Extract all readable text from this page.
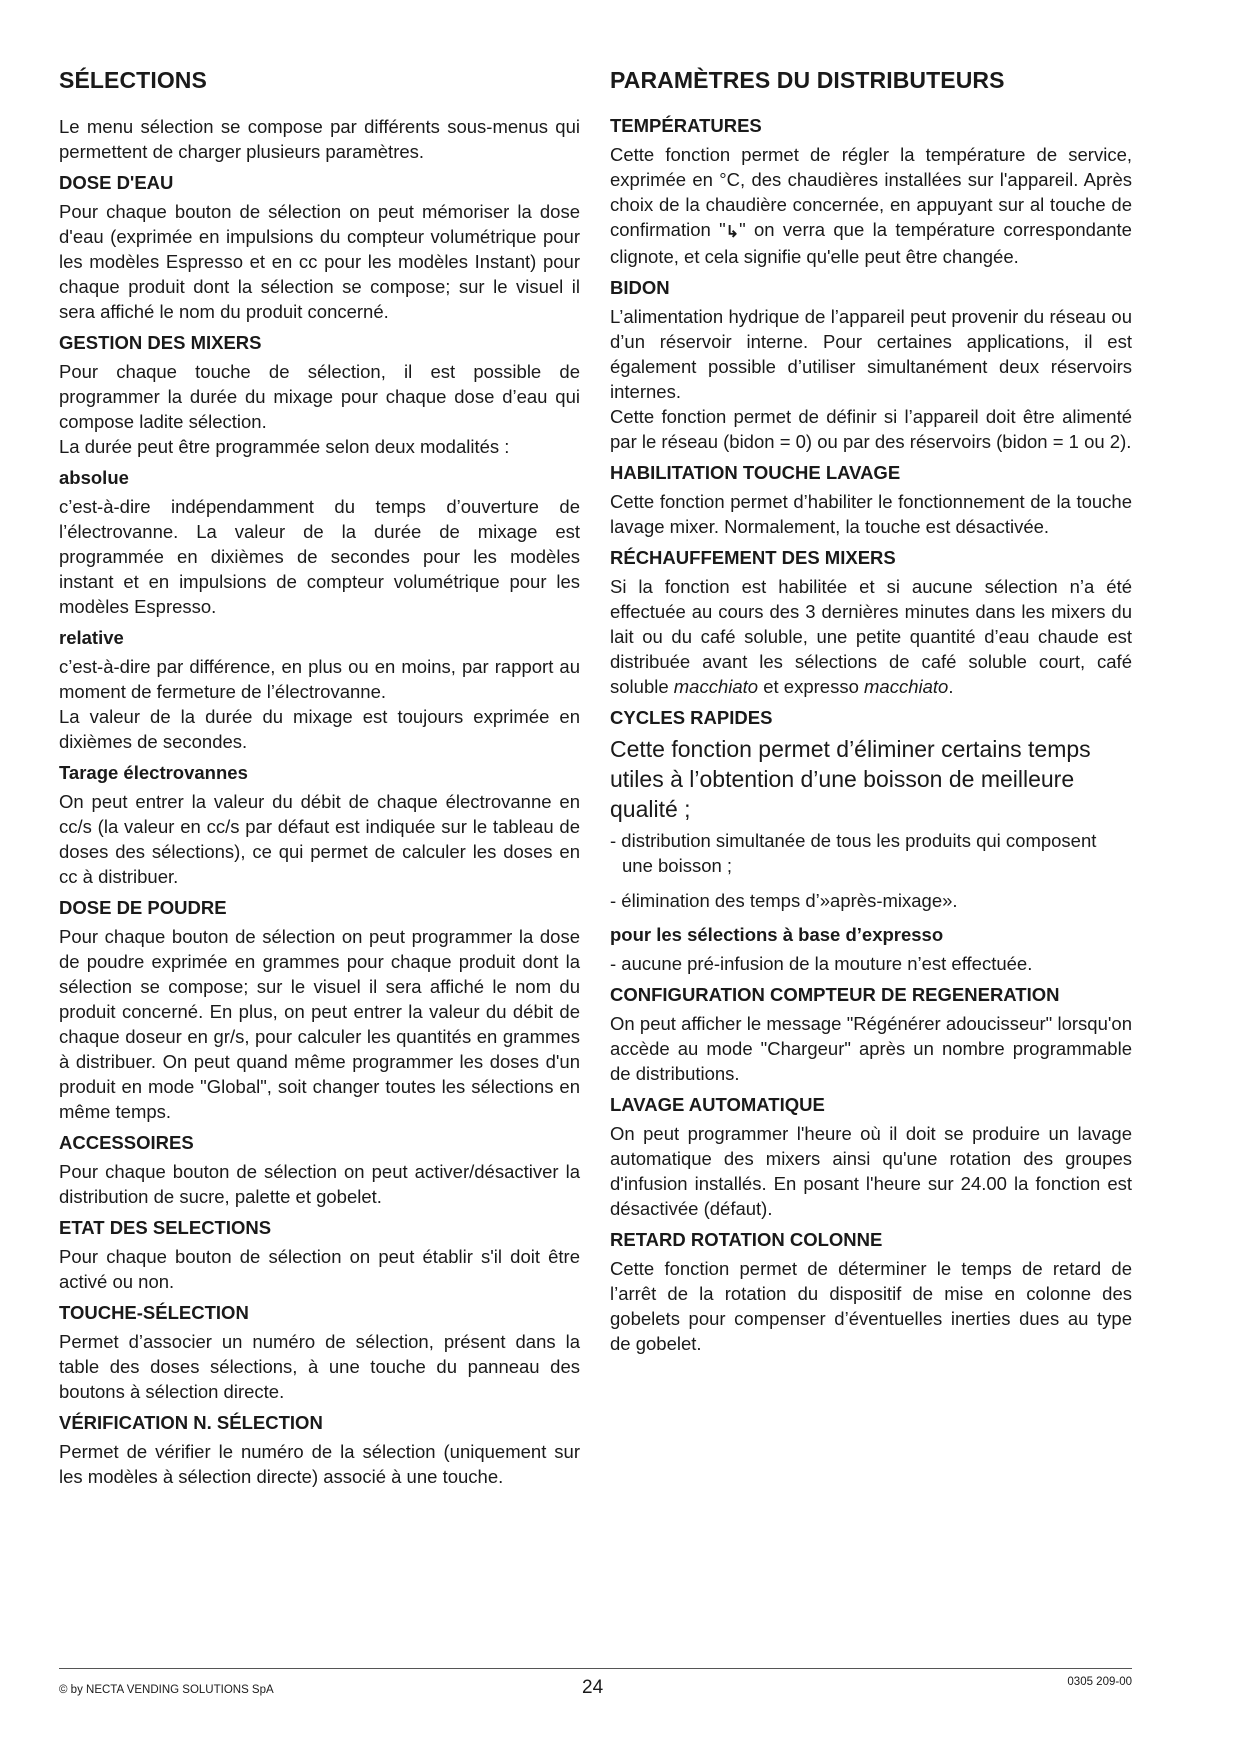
SÉLECTIONS

Le menu sélection se compose par différents sous-menus qui permettent de charger plusieurs paramètres.

DOSE D'EAU

Pour chaque bouton de sélection on peut mémoriser la dose d'eau (exprimée en impulsions du compteur volumétrique pour les modèles Espresso et en cc pour les modèles Instant) pour chaque produit dont la sélection se compose; sur le visuel il sera affiché le nom du produit concerné.

GESTION DES MIXERS

Pour chaque touche de sélection, il est possible de programmer la durée du mixage pour chaque dose d’eau qui compose ladite sélection.

La durée peut être programmée selon deux modalités :

absolue

c’est-à-dire indépendamment du temps d’ouverture de l’électrovanne. La valeur de la durée de mixage est programmée en dixièmes de secondes pour les modèles instant et en impulsions de compteur volumétrique pour les modèles Espresso.

relative

c’est-à-dire par différence, en plus ou en moins, par rapport au moment de fermeture de l’électrovanne.

La valeur de la durée du mixage est toujours exprimée en dixièmes de secondes.

Tarage électrovannes

On peut entrer la valeur du débit de chaque électrovanne en cc/s (la valeur en cc/s par défaut est indiquée sur le tableau de doses des sélections), ce qui permet de calculer les doses en cc à distribuer.

DOSE DE POUDRE

Pour chaque bouton de sélection on peut programmer la dose de poudre exprimée en grammes pour chaque produit dont la sélection se compose; sur le visuel il sera affiché le nom du produit concerné. En plus, on peut entrer la valeur du débit de chaque doseur en gr/s, pour calculer les quantités en grammes à distribuer. On peut quand même programmer les doses d'un produit en mode "Global", soit changer toutes les sélections en même temps.

ACCESSOIRES

Pour chaque bouton de sélection on peut activer/désactiver la distribution de sucre, palette et gobelet.

ETAT DES SELECTIONS

Pour chaque bouton de sélection on peut établir s'il doit être activé ou non.

TOUCHE-SÉLECTION

Permet d’associer un numéro de sélection, présent dans la table des doses sélections, à une touche du panneau des boutons à sélection directe.

VÉRIFICATION N. SÉLECTION

Permet de vérifier le numéro de la sélection (uniquement sur les modèles à sélection directe) associé à une touche.

PARAMÈTRES DU DISTRIBUTEURS
TEMPÉRATURES

Cette fonction permet de régler la température de service, exprimée en °C, des chaudières installées sur l'appareil. Après choix de la chaudière concernée, en appuyant sur al touche de confirmation "↳" on verra que la température correspondante clignote, et cela signifie qu'elle peut être changée.

BIDON

L’alimentation hydrique de l’appareil peut provenir du réseau ou d’un réservoir interne. Pour certaines applications, il est également possible d’utiliser simultanément deux réservoirs internes.

Cette fonction permet de définir si l’appareil doit être alimenté par le réseau (bidon = 0) ou par des réservoirs (bidon = 1 ou 2).

HABILITATION TOUCHE LAVAGE

Cette fonction permet d’habiliter le fonctionnement de la touche lavage mixer. Normalement, la touche est désactivée.

RÉCHAUFFEMENT DES MIXERS

Si la fonction est habilitée et si aucune sélection n’a été effectuée au cours des 3 dernières minutes dans les mixers du lait ou du café soluble, une petite quantité d’eau chaude est distribuée avant les sélections de café soluble court, café soluble macchiato et expresso macchiato.

CYCLES RAPIDES

Cette fonction permet d’éliminer certains temps utiles à l’obtention d’une boisson de meilleure qualité ;

- distribution simultanée de tous les produits qui composent une boisson ;

- élimination des temps d’»après-mixage».

pour les sélections à base d’expresso

- aucune pré-infusion de la mouture n’est effectuée.

CONFIGURATION COMPTEUR DE REGENERATION

On peut afficher le message "Régénérer adoucisseur" lorsqu'on accède au mode "Chargeur" après un nombre programmable de distributions.

LAVAGE AUTOMATIQUE

On peut programmer l'heure où il doit se produire un lavage automatique des mixers ainsi qu'une rotation des groupes d'infusion installés. En posant l'heure sur 24.00 la fonction est désactivée (défaut).

RETARD ROTATION COLONNE

Cette fonction permet de déterminer le temps de retard de l’arrêt de la rotation du dispositif de mise en colonne des gobelets pour compenser d’éventuelles inerties dues au type de gobelet.

© by NECTA VENDING SOLUTIONS SpA	24	0305 209-00
